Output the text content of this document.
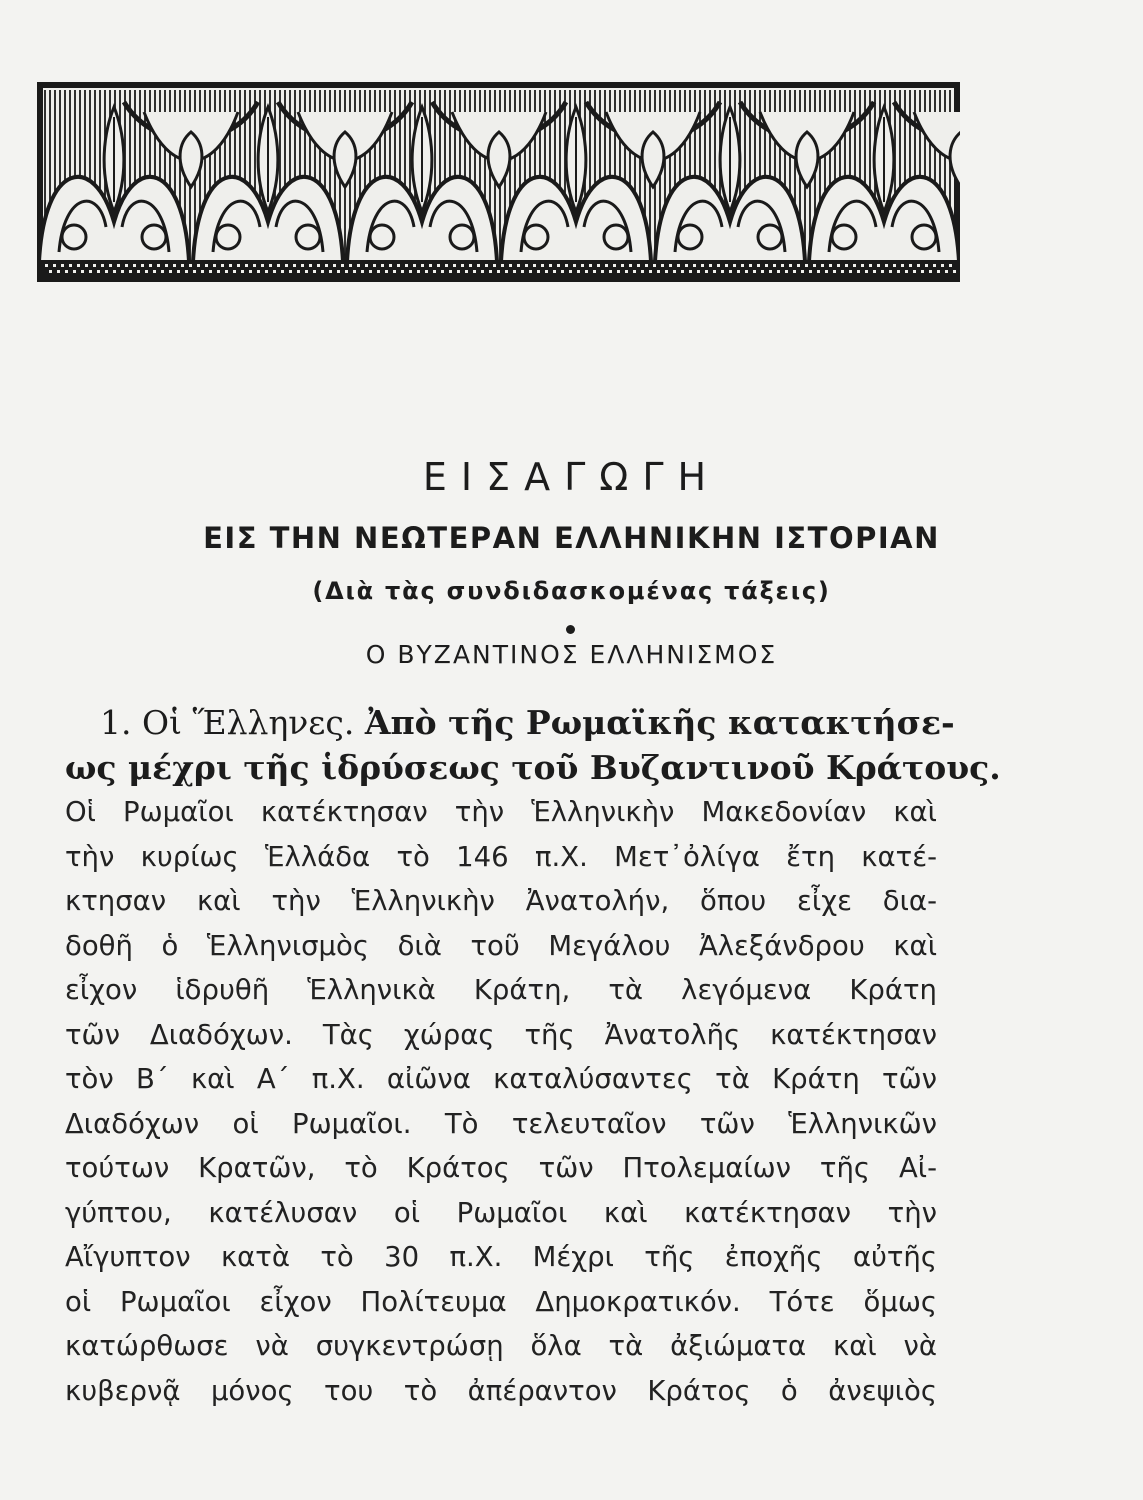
ΕΙΣΑΓΩΓΗ
ΕΙΣ ΤΗΝ ΝΕΩΤΕΡΑΝ ΕΛΛΗΝΙΚΗΝ ΙΣΤΟΡΙΑΝ
(Διὰ τὰς συνδιδασκομένας τάξεις)
Ο ΒΥΖΑΝΤΙΝΟΣ ΕΛΛΗΝΙΣΜΟΣ
1. Οἱ Ἕλληνες. Ἀπὸ τῆς Ρωμαϊκῆς κατακτήσε-
ως μέχρι τῆς ἱδρύσεως τοῦ Βυζαντινοῦ Κράτους.
Οἱ Ρωμαῖοι κατέκτησαν τὴν Ἑλληνικὴν Μακεδονίαν καὶ
τὴν κυρίως Ἑλλάδα τὸ 146 π.Χ. Μετ᾽ὀλίγα ἔτη κατέ-
κτησαν καὶ τὴν Ἑλληνικὴν Ἀνατολήν, ὅπου εἶχε δια-
δοθῆ ὁ Ἑλληνισμὸς διὰ τοῦ Μεγάλου Ἀλεξάνδρου καὶ
εἶχον ἱδρυθῆ Ἑλληνικὰ Κράτη, τὰ λεγόμενα Κράτη
τῶν Διαδόχων. Τὰς χώρας τῆς Ἀνατολῆς κατέκτησαν
τὸν Β΄ καὶ Α΄ π.Χ. αἰῶνα καταλύσαντες τὰ Κράτη τῶν
Διαδόχων οἱ Ρωμαῖοι. Τὸ τελευταῖον τῶν Ἑλληνικῶν
τούτων Κρατῶν, τὸ Κράτος τῶν Πτολεμαίων τῆς Αἰ-
γύπτου, κατέλυσαν οἱ Ρωμαῖοι καὶ κατέκτησαν τὴν
Αἴγυπτον κατὰ τὸ 30 π.Χ. Μέχρι τῆς ἐποχῆς αὐτῆς
οἱ Ρωμαῖοι εἶχον Πολίτευμα Δημοκρατικόν. Τότε ὅμως
κατώρθωσε νὰ συγκεντρώσῃ ὅλα τὰ ἀξιώματα καὶ νὰ
κυβερνᾷ μόνος του τὸ ἀπέραντον Κράτος ὁ ἀνεψιὸς
